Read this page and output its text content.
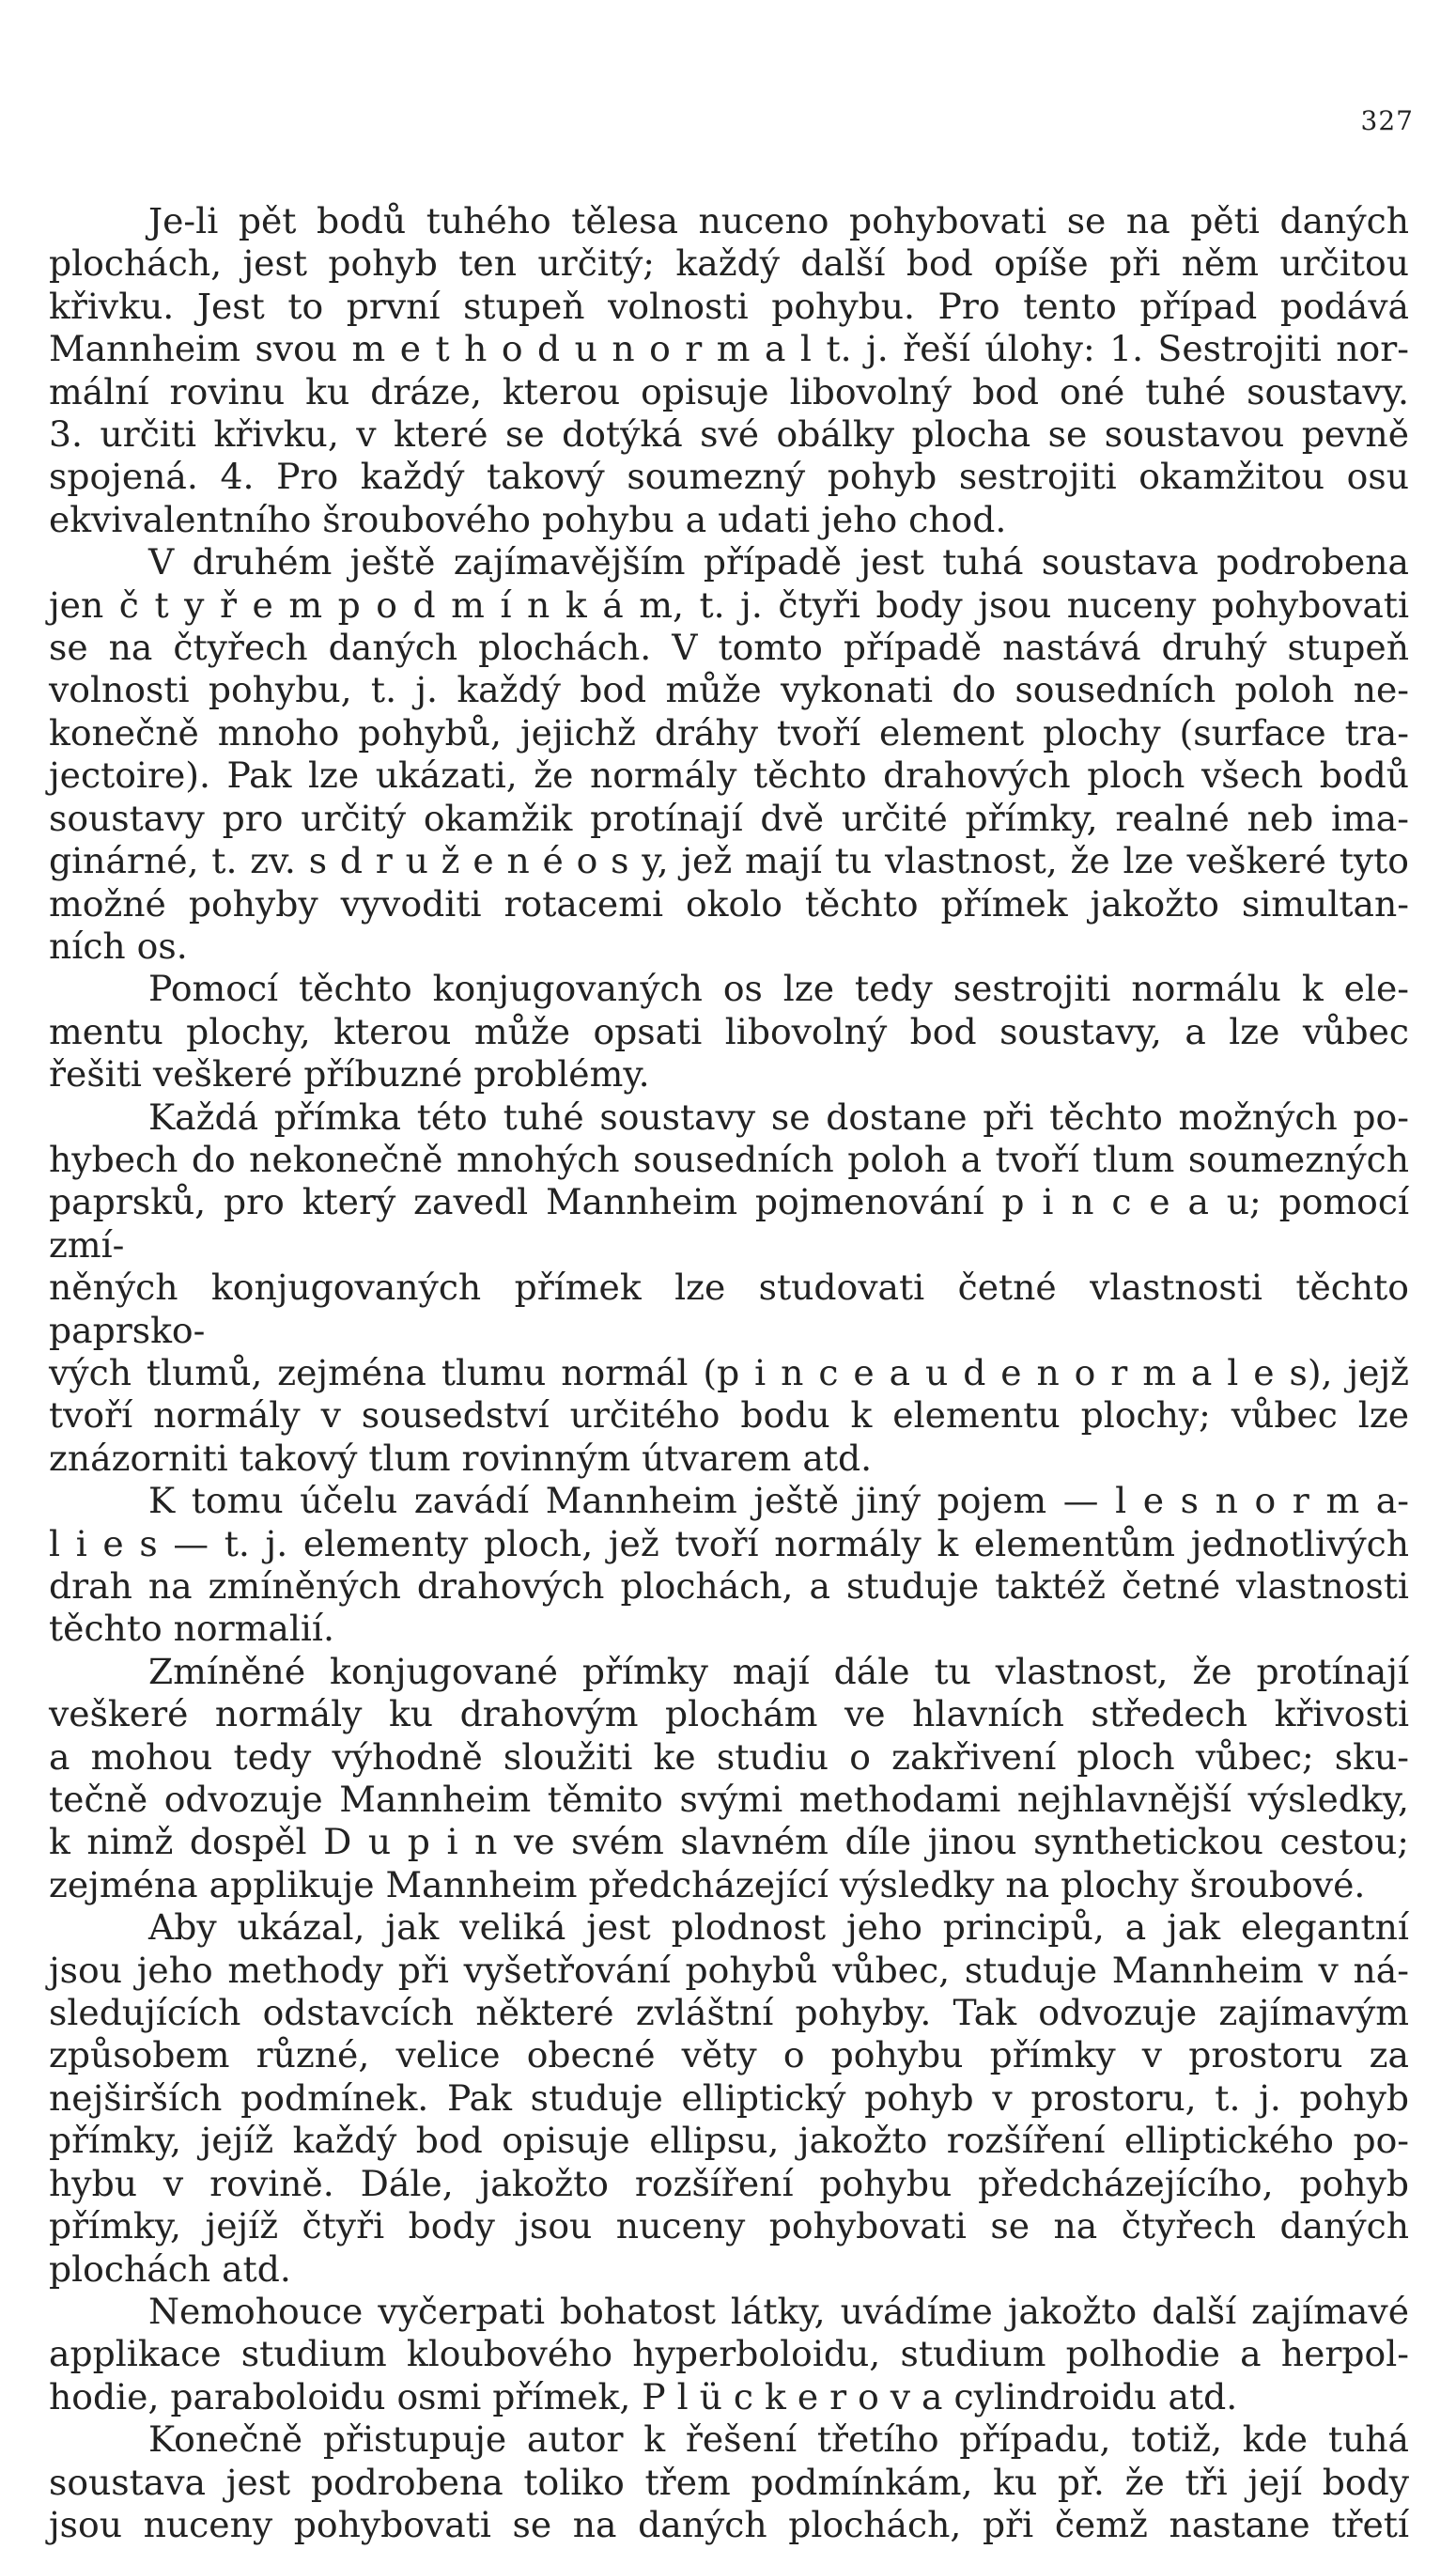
327
Je-li pět bodů tuhého tělesa nuceno pohybovati se na pěti daných
plochách, jest pohyb ten určitý; každý další bod opíše při něm určitou
křivku. Jest to první stupeň volnosti pohybu. Pro tento případ podává
Mannheim svou m e t h o d u n o r m a l t. j. řeší úlohy: 1. Sestrojiti nor-
mální rovinu ku dráze, kterou opisuje libovolný bod oné tuhé soustavy.
3. určiti křivku, v které se dotýká své obálky plocha se soustavou pevně
spojená. 4. Pro každý takový soumezný pohyb sestrojiti okamžitou osu
ekvivalentního šroubového pohybu a udati jeho chod.
V druhém ještě zajímavějším případě jest tuhá soustava podrobena
jen č t y ř e m p o d m í n k á m, t. j. čtyři body jsou nuceny pohybovati
se na čtyřech daných plochách. V tomto případě nastává druhý stupeň
volnosti pohybu, t. j. každý bod může vykonati do sousedních poloh ne-
konečně mnoho pohybů, jejichž dráhy tvoří element plochy (surface tra-
jectoire). Pak lze ukázati, že normály těchto drahových ploch všech bodů
soustavy pro určitý okamžik protínají dvě určité přímky, realné neb ima-
ginárné, t. zv. s d r u ž e n é o s y, jež mají tu vlastnost, že lze veškeré tyto
možné pohyby vyvoditi rotacemi okolo těchto přímek jakožto simultan-
ních os.
Pomocí těchto konjugovaných os lze tedy sestrojiti normálu k ele-
mentu plochy, kterou může opsati libovolný bod soustavy, a lze vůbec
řešiti veškeré příbuzné problémy.
Každá přímka této tuhé soustavy se dostane při těchto možných po-
hybech do nekonečně mnohých sousedních poloh a tvoří tlum soumezných
paprsků, pro který zavedl Mannheim pojmenování p i n c e a u; pomocí zmí-
něných konjugovaných přímek lze studovati četné vlastnosti těchto paprsko-
vých tlumů, zejména tlumu normál (p i n c e a u d e n o r m a l e s), jejž
tvoří normály v sousedství určitého bodu k elementu plochy; vůbec lze
znázorniti takový tlum rovinným útvarem atd.
K tomu účelu zavádí Mannheim ještě jiný pojem — l e s n o r m a-
l i e s — t. j. elementy ploch, jež tvoří normály k elementům jednotlivých
drah na zmíněných drahových plochách, a studuje taktéž četné vlastnosti
těchto normalií.
Zmíněné konjugované přímky mají dále tu vlastnost, že protínají
veškeré normály ku drahovým plochám ve hlavních středech křivosti
a mohou tedy výhodně sloužiti ke studiu o zakřivení ploch vůbec; sku-
tečně odvozuje Mannheim těmito svými methodami nejhlavnější výsledky,
k nimž dospěl D u p i n ve svém slavném díle jinou synthetickou cestou;
zejména applikuje Mannheim předcházející výsledky na plochy šroubové.
Aby ukázal, jak veliká jest plodnost jeho principů, a jak elegantní
jsou jeho methody při vyšetřování pohybů vůbec, studuje Mannheim v ná-
sledujících odstavcích některé zvláštní pohyby. Tak odvozuje zajímavým
způsobem různé, velice obecné věty o pohybu přímky v prostoru za
nejširších podmínek. Pak studuje elliptický pohyb v prostoru, t. j. pohyb
přímky, jejíž každý bod opisuje ellipsu, jakožto rozšíření elliptického po-
hybu v rovině. Dále, jakožto rozšíření pohybu předcházejícího, pohyb
přímky, jejíž čtyři body jsou nuceny pohybovati se na čtyřech daných
plochách atd.
Nemohouce vyčerpati bohatost látky, uvádíme jakožto další zajímavé
applikace studium kloubového hyperboloidu, studium polhodie a herpol-
hodie, paraboloidu osmi přímek, P l ü c k e r o v a cylindroidu atd.
Konečně přistupuje autor k řešení třetího případu, totiž, kde tuhá
soustava jest podrobena toliko třem podmínkám, ku př. že tři její body
jsou nuceny pohybovati se na daných plochách, při čemž nastane třetí
